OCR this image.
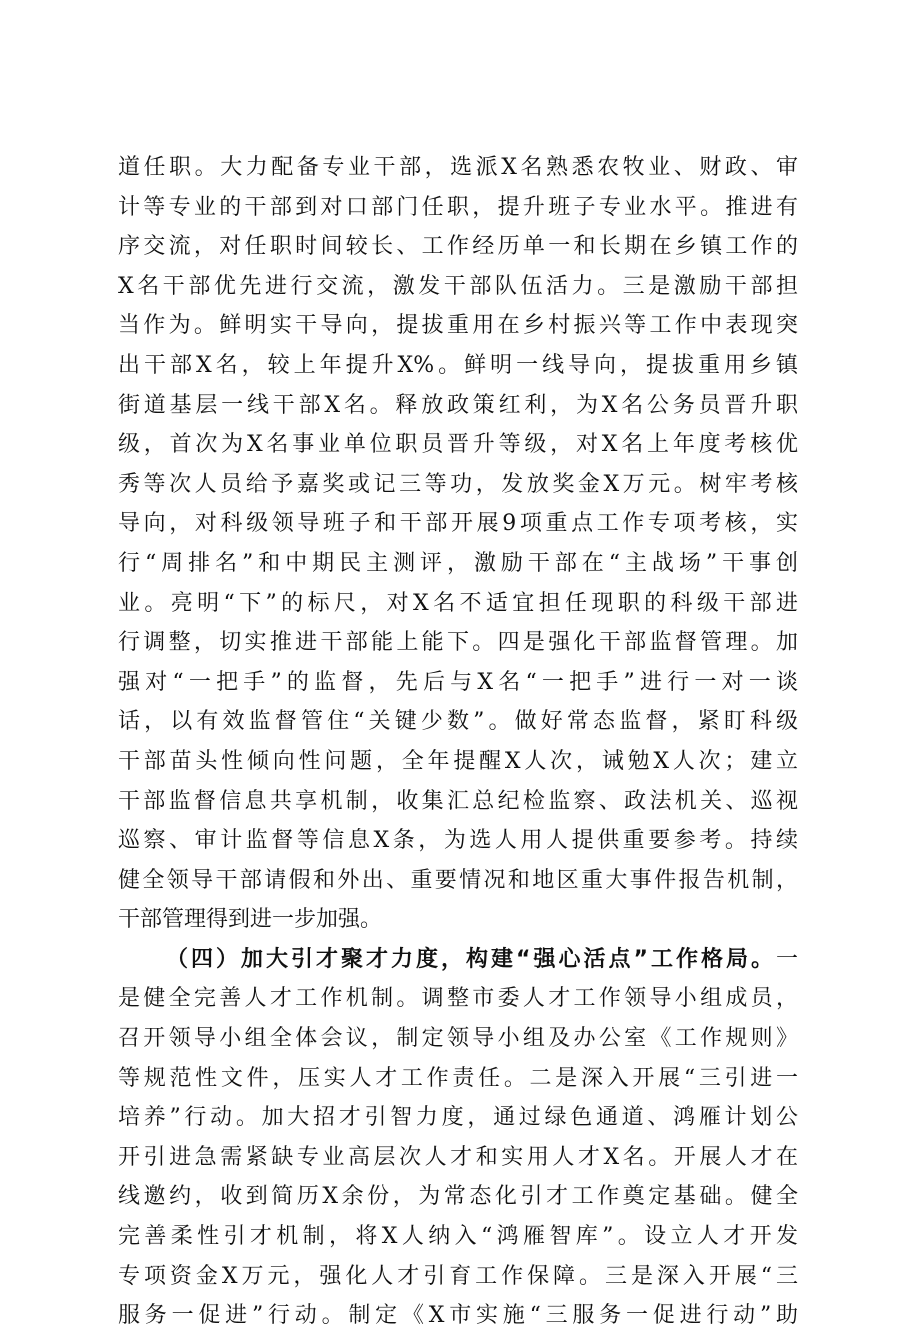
道任职。大力配备专业干部，选派X名熟悉农牧业、财政、审
计等专业的干部到对口部门任职，提升班子专业水平。推进有
序交流，对任职时间较长、工作经历单一和长期在乡镇工作的
X名干部优先进行交流，激发干部队伍活力。三是激励干部担
当作为。鲜明实干导向，提拔重用在乡村振兴等工作中表现突
出干部X名，较上年提升X%。鲜明一线导向，提拔重用乡镇
街道基层一线干部X名。释放政策红利，为X名公务员晋升职
级，首次为X名事业单位职员晋升等级，对X名上年度考核优
秀等次人员给予嘉奖或记三等功，发放奖金X万元。树牢考核
导向，对科级领导班子和干部开展9项重点工作专项考核，实
行“周排名”和中期民主测评，激励干部在“主战场”干事创
业。亮明“下”的标尺，对X名不适宜担任现职的科级干部进
行调整，切实推进干部能上能下。四是强化干部监督管理。加
强对“一把手”的监督，先后与X名“一把手”进行一对一谈
话，以有效监督管住“关键少数”。做好常态监督，紧盯科级
干部苗头性倾向性问题，全年提醒X人次，诫勉X人次；建立
干部监督信息共享机制，收集汇总纪检监察、政法机关、巡视
巡察、审计监督等信息X条，为选人用人提供重要参考。持续
健全领导干部请假和外出、重要情况和地区重大事件报告机制，
干部管理得到进一步加强。
（四）加大引才聚才力度，构建“强心活点”工作格局。一
是健全完善人才工作机制。调整市委人才工作领导小组成员，
召开领导小组全体会议，制定领导小组及办公室《工作规则》
等规范性文件，压实人才工作责任。二是深入开展“三引进一
培养”行动。加大招才引智力度，通过绿色通道、鸿雁计划公
开引进急需紧缺专业高层次人才和实用人才X名。开展人才在
线邀约，收到简历X余份，为常态化引才工作奠定基础。健全
完善柔性引才机制，将X人纳入“鸿雁智库”。设立人才开发
专项资金X万元，强化人才引育工作保障。三是深入开展“三
服务一促进”行动。制定《X市实施“三服务一促进行动”助
